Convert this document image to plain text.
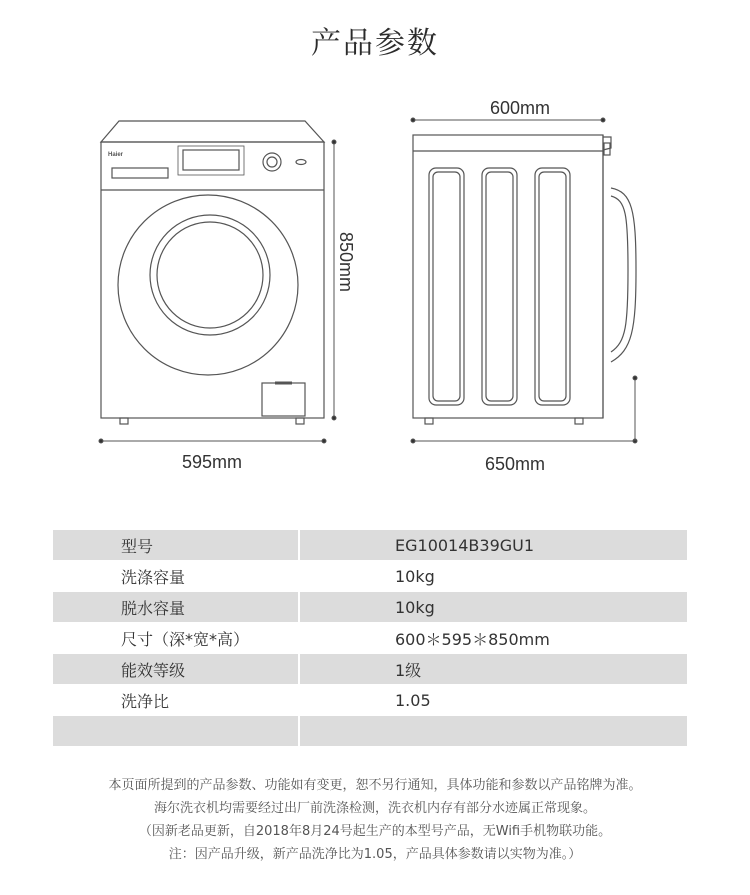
产品参数
Haier
595mm
850mm
600mm
650mm
型号	EG10014B39GU1
洗涤容量	10kg
脱水容量	10kg
尺寸（深*宽*高）	600＊595＊850mm
能效等级	1级
洗净比	1.05
本页面所提到的产品参数、功能如有变更，恕不另行通知，具体功能和参数以产品铭牌为准。
海尔洗衣机均需要经过出厂前洗涤检测，洗衣机内存有部分水迹属正常现象。
（因新老品更新，自2018年8月24号起生产的本型号产品，无Wifi手机物联功能。
注：因产品升级，新产品洗净比为1.05，产品具体参数请以实物为准。）
